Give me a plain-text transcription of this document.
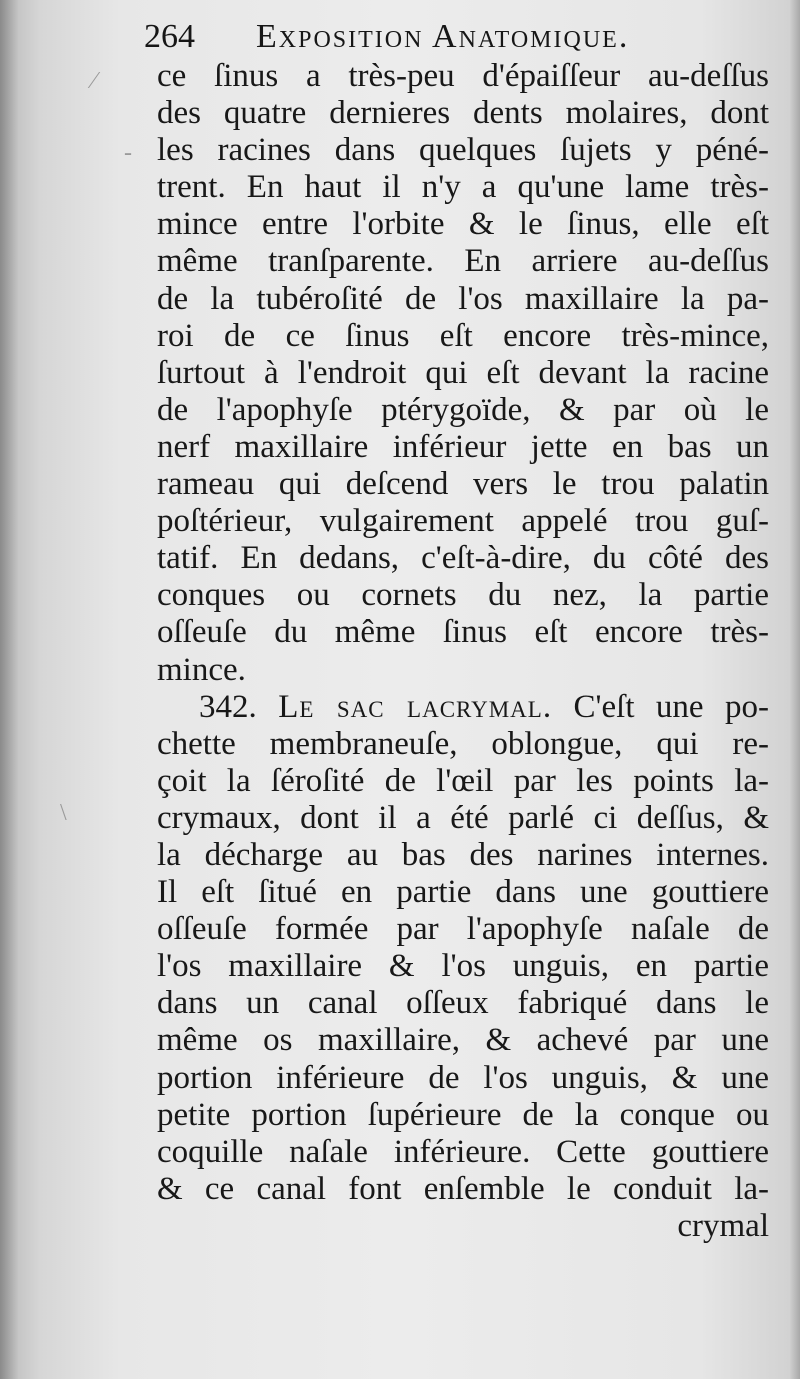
264 Exposition Anatomique.
⁄
-
\
ce ſinus a très-peu d'épaiſſeur au-deſſus
des quatre dernieres dents molaires, dont
les racines dans quelques ſujets y péné-
trent. En haut il n'y a qu'une lame très-
mince entre l'orbite & le ſinus, elle eſt
même tranſparente. En arriere au-deſſus
de la tubéroſité de l'os maxillaire la pa-
roi de ce ſinus eſt encore très-mince,
ſurtout à l'endroit qui eſt devant la racine
de l'apophyſe ptérygoïde, & par où le
nerf maxillaire inférieur jette en bas un
rameau qui deſcend vers le trou palatin
poſtérieur, vulgairement appelé trou guſ-
tatif. En dedans, c'eſt-à-dire, du côté des
conques ou cornets du nez, la partie
oſſeuſe du même ſinus eſt encore très-
mince.
342. Le sac lacrymal. C'eſt une po-
chette membraneuſe, oblongue, qui re-
çoit la ſéroſité de l'œil par les points la-
crymaux, dont il a été parlé ci deſſus, &
la décharge au bas des narines internes.
Il eſt ſitué en partie dans une gouttiere
oſſeuſe formée par l'apophyſe naſale de
l'os maxillaire & l'os unguis, en partie
dans un canal oſſeux fabriqué dans le
même os maxillaire, & achevé par une
portion inférieure de l'os unguis, & une
petite portion ſupérieure de la conque ou
coquille naſale inférieure. Cette gouttiere
& ce canal font enſemble le conduit la-
crymal
